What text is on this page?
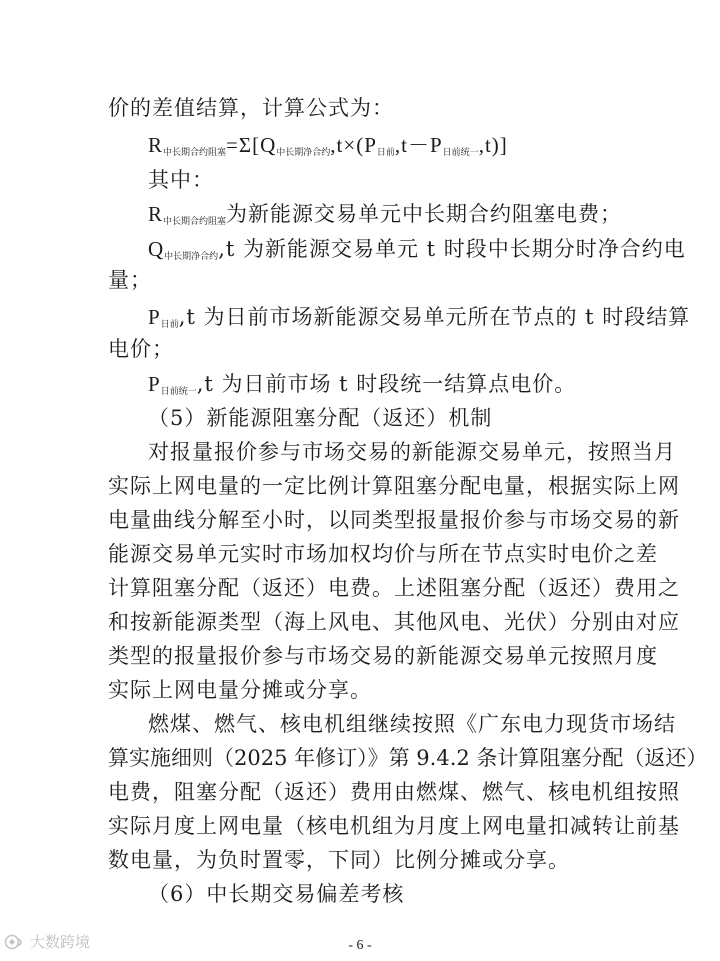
价的差值结算，计算公式为：
R中长期合约阻塞=Σ[Q中长期净合约,t×(P日前,t－P日前统一,t)]
其中：
R中长期合约阻塞为新能源交易单元中长期合约阻塞电费；
Q中长期净合约,t 为新能源交易单元 t 时段中长期分时净合约电
量；
P日前,t 为日前市场新能源交易单元所在节点的 t 时段结算
电价；
P日前统一,t 为日前市场 t 时段统一结算点电价。
（5）新能源阻塞分配（返还）机制
对报量报价参与市场交易的新能源交易单元，按照当月
实际上网电量的一定比例计算阻塞分配电量，根据实际上网
电量曲线分解至小时，以同类型报量报价参与市场交易的新
能源交易单元实时市场加权均价与所在节点实时电价之差
计算阻塞分配（返还）电费。上述阻塞分配（返还）费用之
和按新能源类型（海上风电、其他风电、光伏）分别由对应
类型的报量报价参与市场交易的新能源交易单元按照月度
实际上网电量分摊或分享。
燃煤、燃气、核电机组继续按照《广东电力现货市场结
算实施细则（2025 年修订）》第 9.4.2 条计算阻塞分配（返还）
电费，阻塞分配（返还）费用由燃煤、燃气、核电机组按照
实际月度上网电量（核电机组为月度上网电量扣减转让前基
数电量，为负时置零，下同）比例分摊或分享。
（6）中长期交易偏差考核
大数跨境	- 6 -
